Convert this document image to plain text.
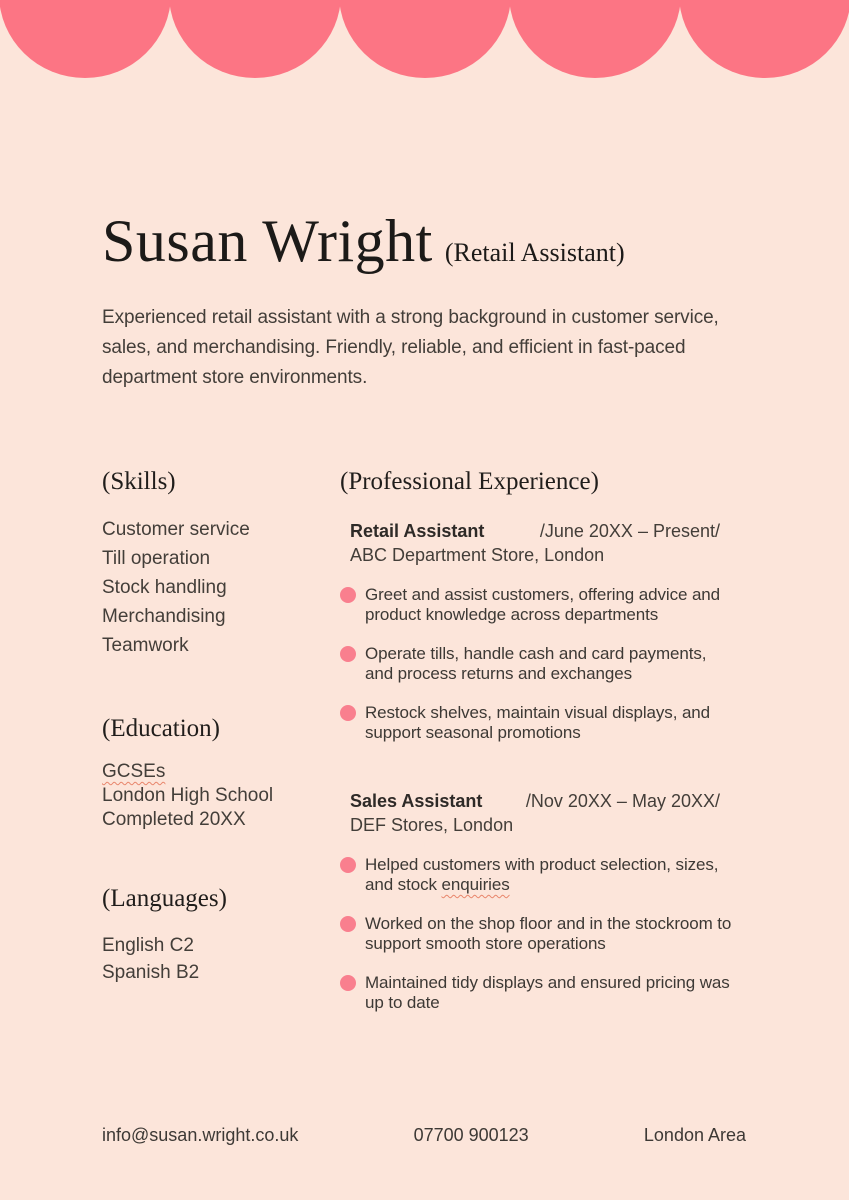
Susan Wright (Retail Assistant)

Experienced retail assistant with a strong background in customer service, sales, and merchandising. Friendly, reliable, and efficient in fast-paced department store environments.

(Skills)
Customer service
Till operation
Stock handling
Merchandising
Teamwork
(Education)
GCSEs
London High School
Completed 20XX
(Languages)
English C2
Spanish B2
(Professional Experience)
Retail Assistant	/June 20XX – Present/
ABC Department Store, London

Greet and assist customers, offering advice and product knowledge across departments

Operate tills, handle cash and card payments, and process returns and exchanges

Restock shelves, maintain visual displays, and support seasonal promotions

Sales Assistant /Nov 20XX – May 20XX/
DEF Stores, London

Helped customers with product selection, sizes, and stock enquiries

Worked on the shop floor and in the stockroom to support smooth store operations

Maintained tidy displays and ensured pricing was up to date

info@susan.wright.co.uk	07700 900123	London Area
